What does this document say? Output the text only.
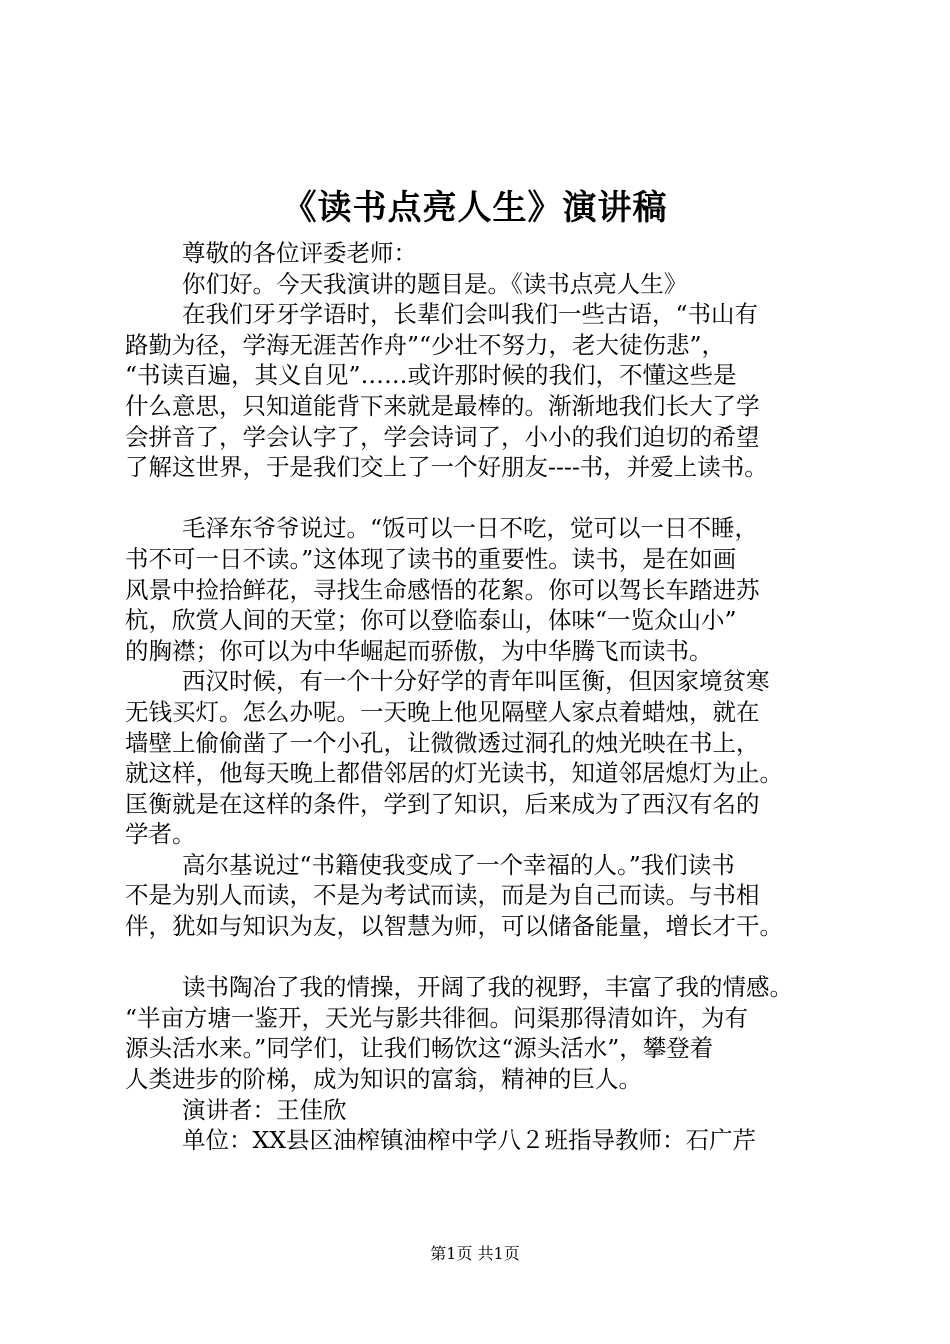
《读书点亮人生》演讲稿
尊敬的各位评委老师：
你们好。今天我演讲的题目是。《读书点亮人生》
在我们牙牙学语时，长辈们会叫我们一些古语，“书山有
路勤为径，学海无涯苦作舟”“少壮不努力，老大徒伤悲”，
“书读百遍，其义自见”……或许那时候的我们，不懂这些是
什么意思，只知道能背下来就是最棒的。渐渐地我们长大了学
会拼音了，学会认字了，学会诗词了，小小的我们迫切的希望
了解这世界，于是我们交上了一个好朋友----书，并爱上读书。
毛泽东爷爷说过。“饭可以一日不吃，觉可以一日不睡，
书不可一日不读。”这体现了读书的重要性。读书，是在如画
风景中捡拾鲜花，寻找生命感悟的花絮。你可以驾长车踏进苏
杭，欣赏人间的天堂；你可以登临泰山，体味“一览众山小”
的胸襟；你可以为中华崛起而骄傲，为中华腾飞而读书。
西汉时候，有一个十分好学的青年叫匡衡，但因家境贫寒
无钱买灯。怎么办呢。一天晚上他见隔壁人家点着蜡烛，就在
墙壁上偷偷凿了一个小孔，让微微透过洞孔的烛光映在书上，
就这样，他每天晚上都借邻居的灯光读书，知道邻居熄灯为止。
匡衡就是在这样的条件，学到了知识，后来成为了西汉有名的
学者。
高尔基说过“书籍使我变成了一个幸福的人。”我们读书
不是为别人而读，不是为考试而读，而是为自己而读。与书相
伴，犹如与知识为友，以智慧为师，可以储备能量，增长才干。
读书陶冶了我的情操，开阔了我的视野，丰富了我的情感。
“半亩方塘一鉴开，天光与影共徘徊。问渠那得清如许，为有
源头活水来。”同学们，让我们畅饮这“源头活水”，攀登着
人类进步的阶梯，成为知识的富翁，精神的巨人。
演讲者：王佳欣
单位：XX县区油榨镇油榨中学八２班指导教师：石广芹
第1页 共1页
